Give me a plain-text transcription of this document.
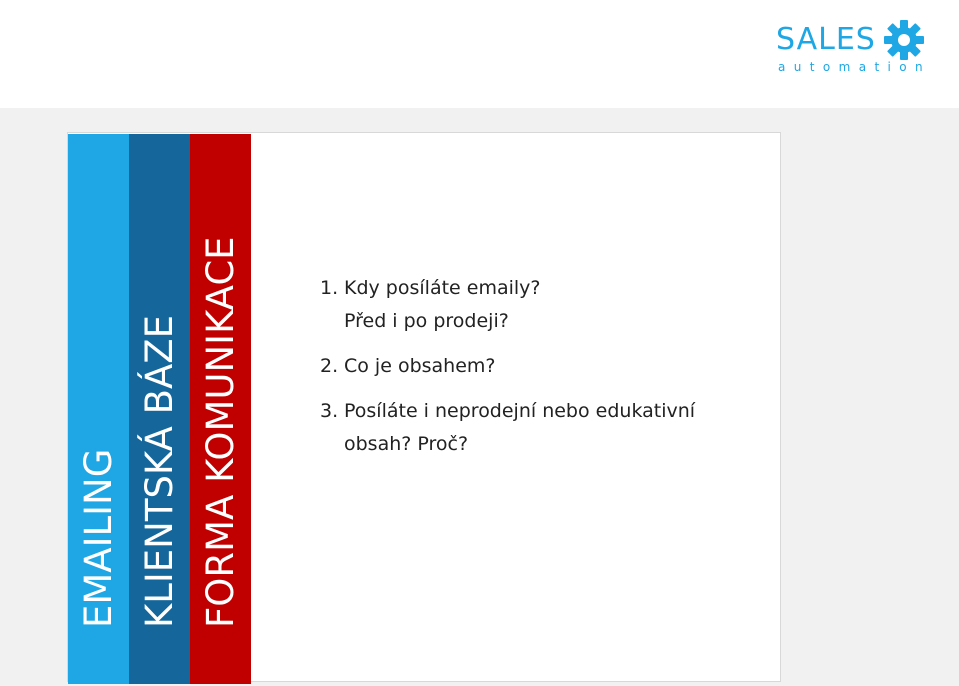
SALES
automation
EMAILING KLIENTSKÁ BÁZE FORMA KOMUNIKACE	1. Kdy posíláte emaily?
Před i po prodeji?
2. Co je obsahem?
3. Posíláte i neprodejní nebo edukativní
obsah? Proč?
